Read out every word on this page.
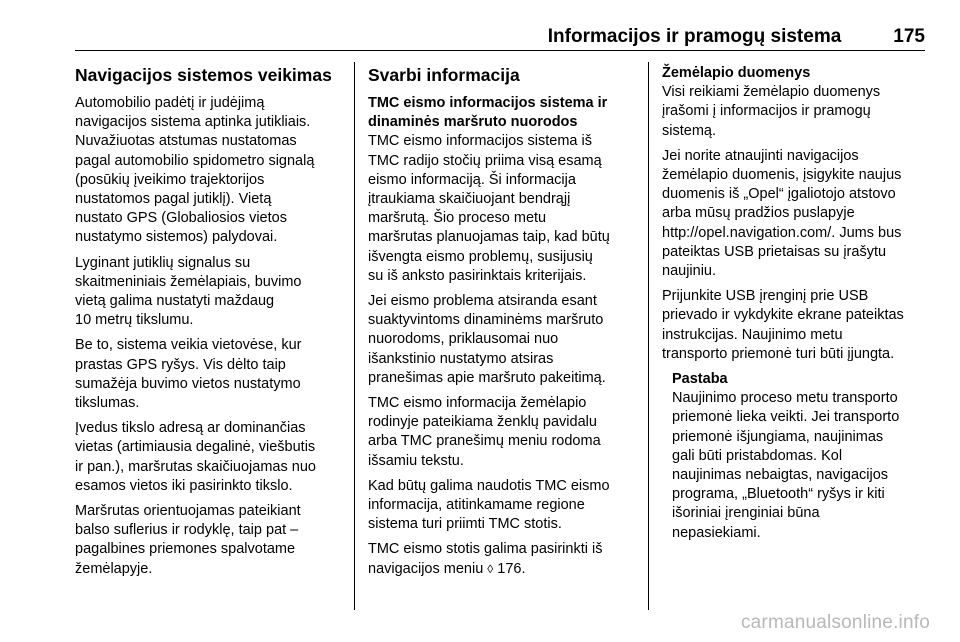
Informacijos ir pramogų sistema	175
Navigacijos sistemos veikimas

Automobilio padėtį ir judėjimą
navigacijos sistema aptinka jutikliais.
Nuvažiuotas atstumas nustatomas
pagal automobilio spidometro signalą
(posūkių įveikimo trajektorijos
nustatomos pagal jutiklį). Vietą
nustato GPS (Globaliosios vietos
nustatymo sistemos) palydovai.

Lyginant jutiklių signalus su
skaitmeniniais žemėlapiais, buvimo
vietą galima nustatyti maždaug
10 metrų tikslumu.

Be to, sistema veikia vietovėse, kur
prastas GPS ryšys. Vis dėlto taip
sumažėja buvimo vietos nustatymo
tikslumas.

Įvedus tikslo adresą ar dominančias
vietas (artimiausia degalinė, viešbutis
ir pan.), maršrutas skaičiuojamas nuo
esamos vietos iki pasirinkto tikslo.

Maršrutas orientuojamas pateikiant
balso suflerius ir rodyklę, taip pat –
pagalbines priemones spalvotame
žemėlapyje.

Svarbi informacija
TMC eismo informacijos sistema ir
dinaminės maršruto nuorodos

TMC eismo informacijos sistema iš
TMC radijo stočių priima visą esamą
eismo informaciją. Ši informacija
įtraukiama skaičiuojant bendrąjį
maršrutą. Šio proceso metu
maršrutas planuojamas taip, kad būtų
išvengta eismo problemų, susijusių
su iš anksto pasirinktais kriterijais.

Jei eismo problema atsiranda esant
suaktyvintoms dinaminėms maršruto
nuorodoms, priklausomai nuo
išankstinio nustatymo atsiras
pranešimas apie maršruto pakeitimą.

TMC eismo informacija žemėlapio
rodinyje pateikiama ženklų pavidalu
arba TMC pranešimų meniu rodoma
išsamiu tekstu.

Kad būtų galima naudotis TMC eismo
informacija, atitinkamame regione
sistema turi priimti TMC stotis.

TMC eismo stotis galima pasirinkti iš
navigacijos meniu ◊ 176.

Žemėlapio duomenys

Visi reikiami žemėlapio duomenys
įrašomi į informacijos ir pramogų
sistemą.

Jei norite atnaujinti navigacijos
žemėlapio duomenis, įsigykite naujus
duomenis iš „Opel“ įgaliotojo atstovo
arba mūsų pradžios puslapyje
http://opel.navigation.com/. Jums bus
pateiktas USB prietaisas su įrašytu
naujiniu.

Prijunkite USB įrenginį prie USB
prievado ir vykdykite ekrane pateiktas
instrukcijas. Naujinimo metu
transporto priemonė turi būti įjungta.

Pastaba
Naujinimo proceso metu transporto
priemonė lieka veikti. Jei transporto
priemonė išjungiama, naujinimas
gali būti pristabdomas. Kol
naujinimas nebaigtas, navigacijos
programa, „Bluetooth“ ryšys ir kiti
išoriniai įrenginiai būna
nepasiekiami.
carmanualsonline.info
